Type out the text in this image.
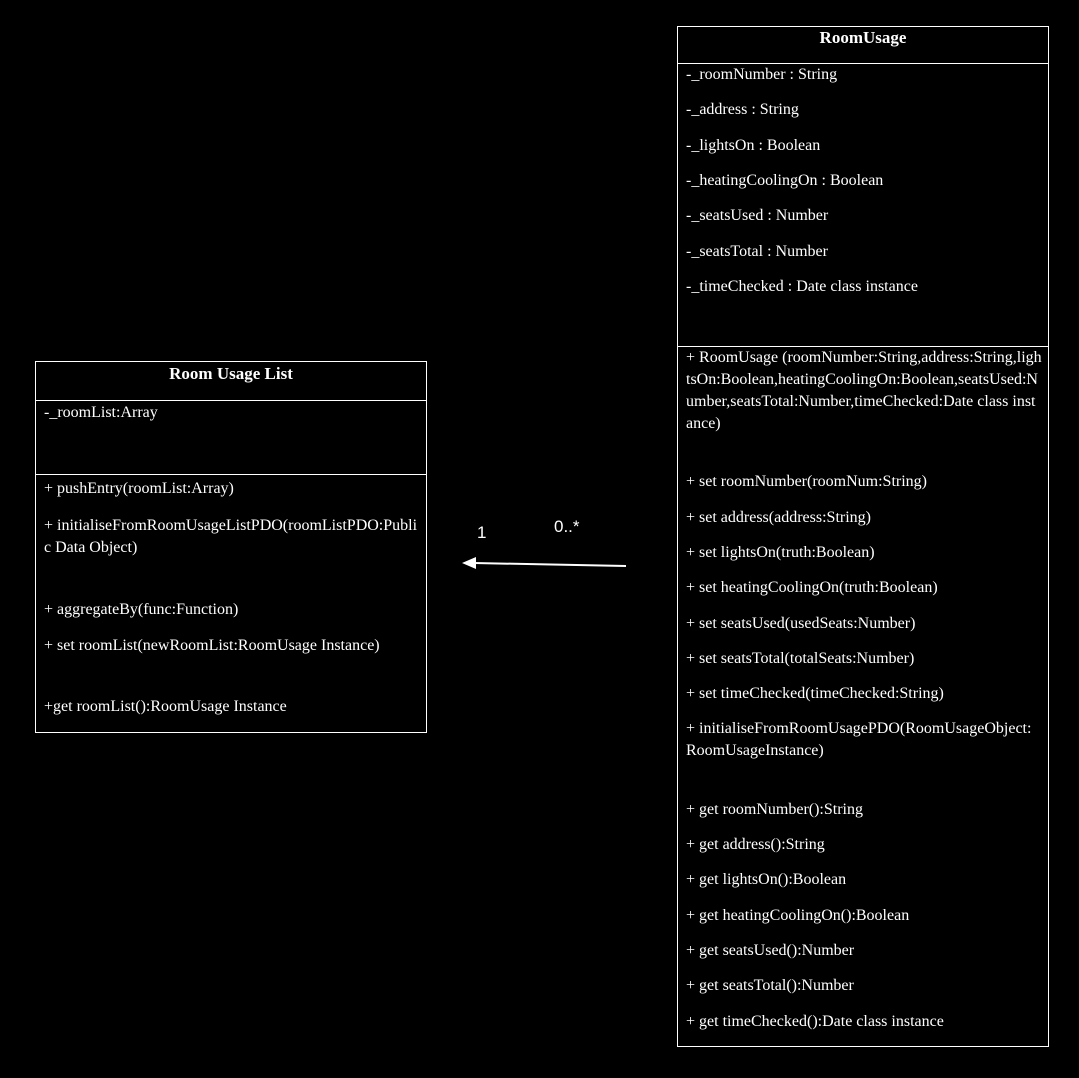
Room Usage List
-_roomList:Array
+ pushEntry(roomList:Array)
+ initialiseFromRoomUsageListPDO(roomListPDO:Public Data Object)
+ aggregateBy(func:Function)
+ set roomList(newRoomList:RoomUsage Instance)
+get roomList():RoomUsage Instance
RoomUsage
-_roomNumber : String
-_address : String
-_lightsOn : Boolean
-_heatingCoolingOn : Boolean
-_seatsUsed : Number
-_seatsTotal : Number
-_timeChecked : Date class instance
+ RoomUsage (roomNumber:String,address:String,lightsOn:Boolean,heatingCoolingOn:Boolean,seatsUsed:Number,seatsTotal:Number,timeChecked:Date class instance)
+ set roomNumber(roomNum:String)
+ set address(address:String)
+ set lightsOn(truth:Boolean)
+ set heatingCoolingOn(truth:Boolean)
+ set seatsUsed(usedSeats:Number)
+ set seatsTotal(totalSeats:Number)
+ set timeChecked(timeChecked:String)
+ initialiseFromRoomUsagePDO(RoomUsageObject:RoomUsageInstance)
+ get roomNumber():String
+ get address():String
+ get lightsOn():Boolean
+ get heatingCoolingOn():Boolean
+ get seatsUsed():Number
+ get seatsTotal():Number
+ get timeChecked():Date class instance
1	0..*
